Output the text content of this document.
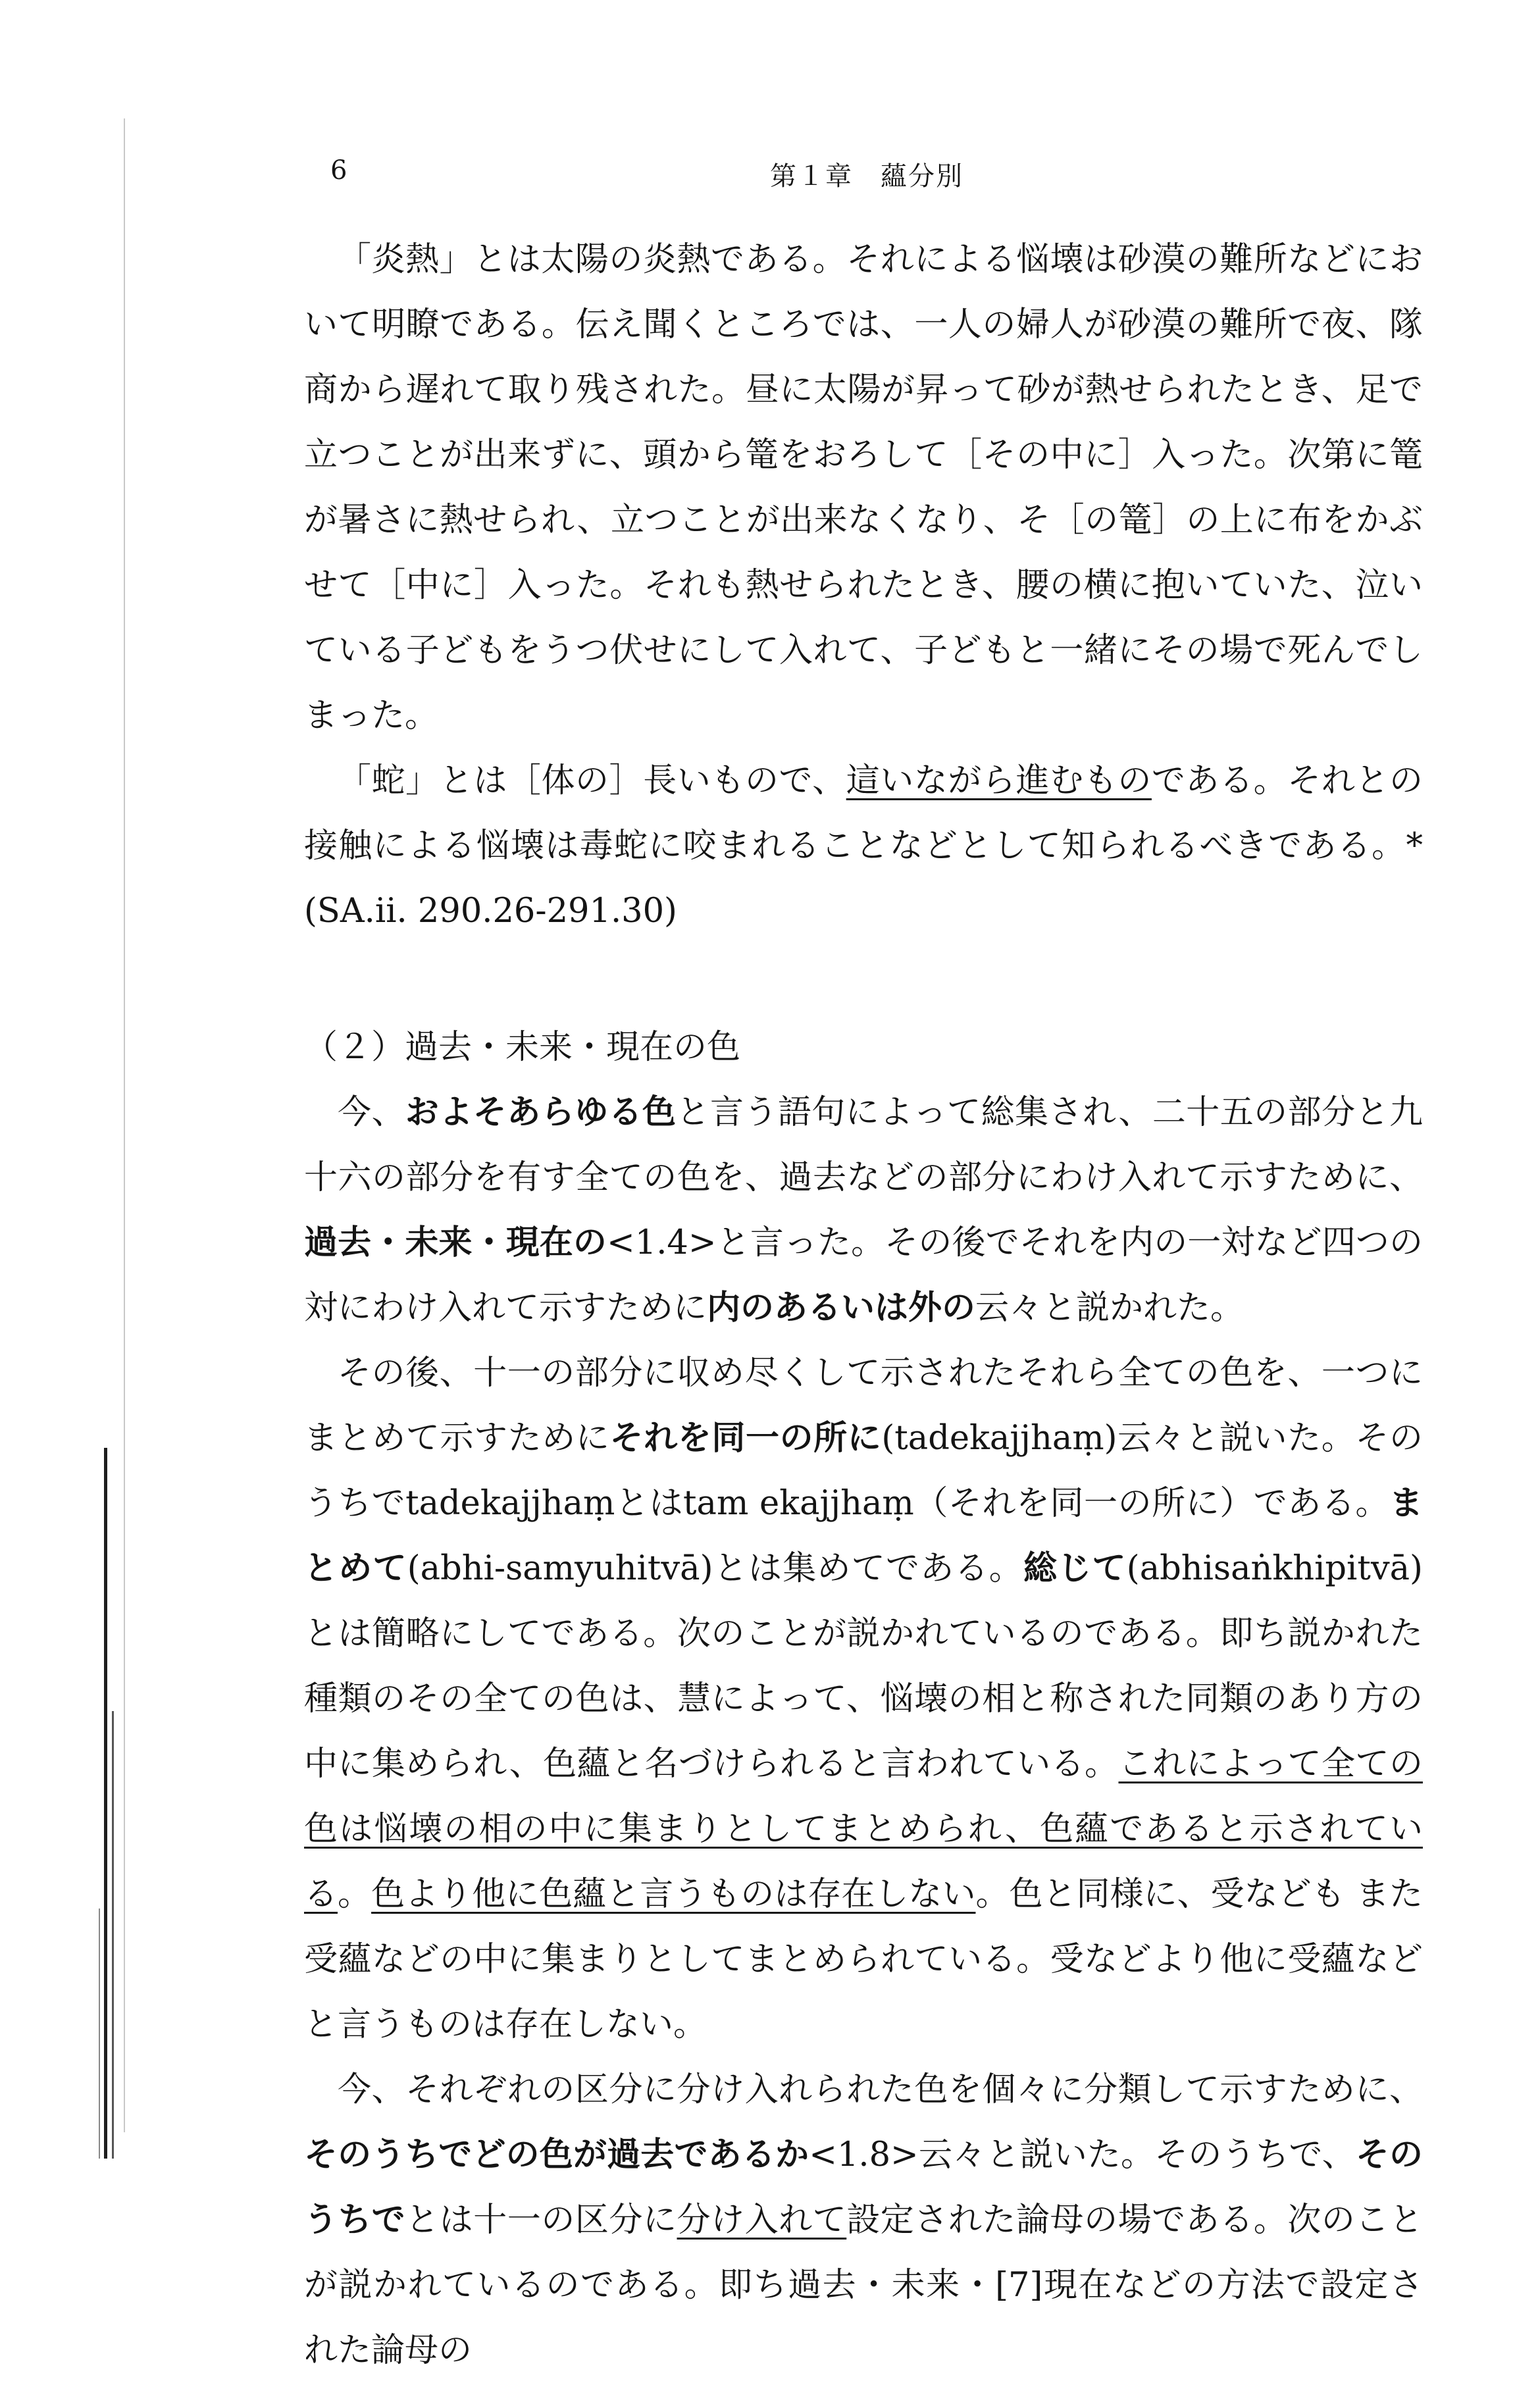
6	第１章　蘊分別

「炎熱」とは太陽の炎熱である。それによる悩壊は砂漠の難所などにおいて明瞭である。伝え聞くところでは、一人の婦人が砂漠の難所で夜、隊商から遅れて取り残された。昼に太陽が昇って砂が熱せられたとき、足で立つことが出来ずに、頭から篭をおろして［その中に］入った。次第に篭が暑さに熱せられ、立つことが出来なくなり、そ［の篭］の上に布をかぶせて［中に］入った。それも熱せられたとき、腰の横に抱いていた、泣いている子どもをうつ伏せにして入れて、子どもと一緒にその場で死んでしまった。

「蛇」とは［体の］長いもので、這いながら進むものである。それとの接触による悩壊は毒蛇に咬まれることなどとして知られるべきである。*(SA.ii. 290.26-291.30)

（２）過去・未来・現在の色

今、およそあらゆる色と言う語句によって総集され、二十五の部分と九十六の部分を有す全ての色を、過去などの部分にわけ入れて示すために、過去・未来・現在の<1.4>と言った。その後でそれを内の一対など四つの対にわけ入れて示すために内のあるいは外の云々と説かれた。

その後、十一の部分に収め尽くして示されたそれら全ての色を、一つにまとめて示すためにそれを同一の所に(tadekajjhaṃ)云々と説いた。そのうちでtadekajjhaṃとはtam ekajjhaṃ（それを同一の所に）である。まとめて(abhi-samyuhitvā)とは集めてである。総じて(abhisaṅkhipitvā)とは簡略にしてである。次のことが説かれているのである。即ち説かれた種類のその全ての色は、慧によって、悩壊の相と称された同類のあり方の中に集められ、色蘊と名づけられると言われている。これによって全ての色は悩壊の相の中に集まりとしてまとめられ、色蘊であると示されている。色より他に色蘊と言うものは存在しない。色と同様に、受なども また受蘊などの中に集まりとしてまとめられている。受などより他に受蘊などと言うものは存在しない。

今、それぞれの区分に分け入れられた色を個々に分類して示すために、そのうちでどの色が過去であるか<1.8>云々と説いた。そのうちで、そのうちでとは十一の区分に分け入れて設定された論母の場である。次のことが説かれているのである。即ち過去・未来・[7]現在などの方法で設定された論母の
